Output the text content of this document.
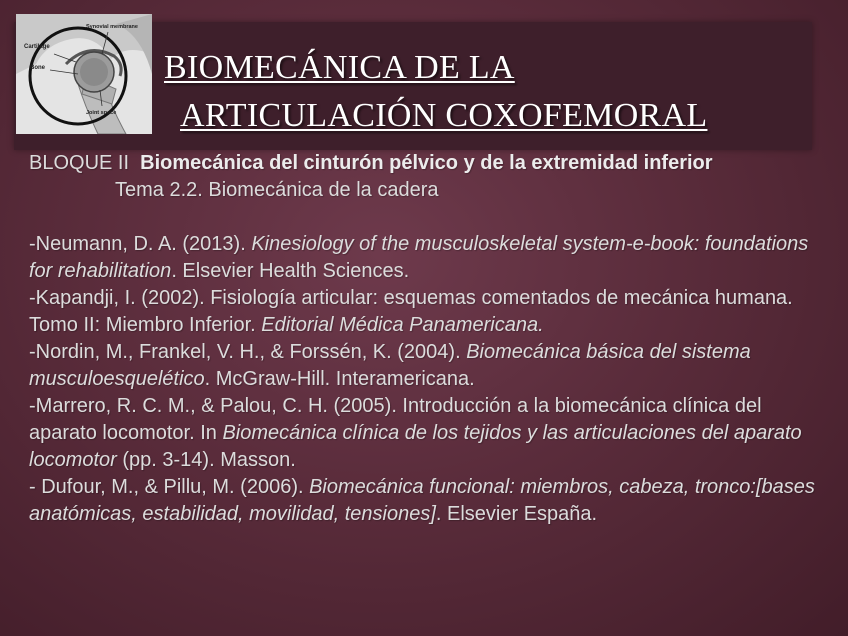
Cartilage
Bone
Synovial membrane
Joint space
BIOMECÁNICA DE LA
ARTICULACIÓN COXOFEMORAL

BLOQUE II Biomecánica del cinturón pélvico y de la extremidad inferior

Tema 2.2. Biomecánica de la cadera

-Neumann, D. A. (2013). Kinesiology of the musculoskeletal system-e-book: foundations for rehabilitation. Elsevier Health Sciences.

-Kapandji, I. (2002). Fisiología articular: esquemas comentados de mecánica humana. Tomo II: Miembro Inferior. Editorial Médica Panamericana.

-Nordin, M., Frankel, V. H., & Forssén, K. (2004). Biomecánica básica del sistema musculoesquelético. McGraw-Hill. Interamericana.

-Marrero, R. C. M., & Palou, C. H. (2005). Introducción a la biomecánica clínica del aparato locomotor. In Biomecánica clínica de los tejidos y las articulaciones del aparato locomotor (pp. 3-14). Masson.

- Dufour, M., & Pillu, M. (2006). Biomecánica funcional: miembros, cabeza, tronco:[bases anatómicas, estabilidad, movilidad, tensiones]. Elsevier España.
